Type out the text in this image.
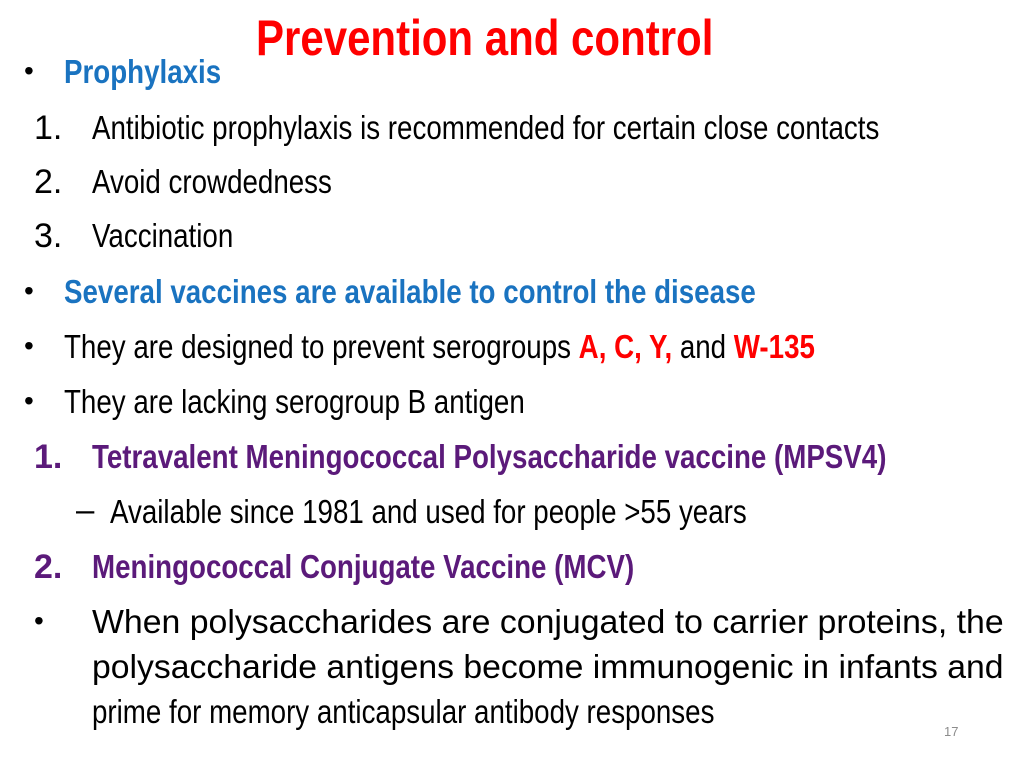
Prevention and control
• Prophylaxis
1. Antibiotic prophylaxis is recommended for certain close contacts
2. Avoid crowdedness
3. Vaccination
• Several vaccines are available to control the disease
• They are designed to prevent serogroups A, C, Y, and W-135
• They are lacking serogroup B antigen
1. Tetravalent Meningococcal Polysaccharide vaccine (MPSV4)
– Available since 1981 and used for people >55 years
2. Meningococcal Conjugate Vaccine (MCV)
• When polysaccharides are conjugated to carrier proteins, the
polysaccharide antigens become immunogenic in infants and
prime for memory anticapsular antibody responses
17
